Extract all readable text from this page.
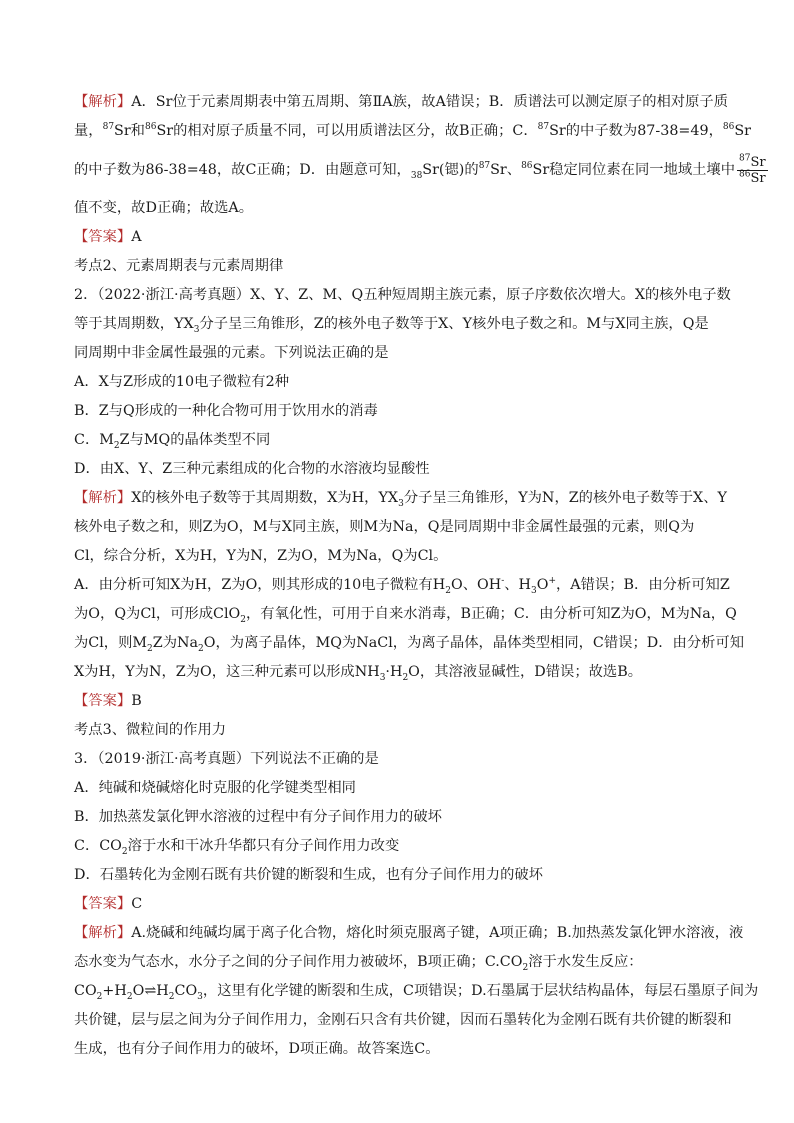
【解析】A．Sr位于元素周期表中第五周期、第ⅡA族，故A错误；B．质谱法可以测定原子的相对原子质
量，$^{87}$Sr和$^{86}$Sr的相对原子质量不同，可以用质谱法区分，故B正确；C．$^{87}$Sr的中子数为87-38=49，$^{86}$Sr
的中子数为86-38=48，故C正确；D．由题意可知，$_{38}$Sr(锶)的$^{87}$Sr、$^{86}$Sr稳定同位素在同一地域土壤中 $\frac{^{87}Sr}{^{86}Sr}$
值不变，故D正确；故选A。
【答案】A
考点2、元素周期表与元素周期律
2．（2022·浙江·高考真题）X、Y、Z、M、Q五种短周期主族元素，原子序数依次增大。X的核外电子数
等于其周期数，$YX_3$分子呈三角锥形，Z的核外电子数等于X、Y核外电子数之和。M与X同主族，Q是
同周期中非金属性最强的元素。下列说法正确的是
A．X与Z形成的10电子微粒有2种
B．Z与Q形成的一种化合物可用于饮用水的消毒
C．$M_2Z$与MQ的晶体类型不同
D．由X、Y、Z三种元素组成的化合物的水溶液均显酸性
【解析】X的核外电子数等于其周期数，X为H，$YX_3$分子呈三角锥形，Y为N，Z的核外电子数等于X、Y
核外电子数之和，则Z为O，M与X同主族，则M为Na，Q是同周期中非金属性最强的元素，则Q为
Cl，综合分析，X为H，Y为N，Z为O，M为Na，Q为Cl。
A．由分析可知X为H，Z为O，则其形成的10电子微粒有$H_2O$、OH-、$H_3O^+$，A错误；B．由分析可知Z
为O，Q为Cl，可形成ClO$_2$，有氧化性，可用于自来水消毒，B正确；C．由分析可知Z为O，M为Na，Q
为Cl，则$M_2Z$为$Na_2O$，为离子晶体，MQ为NaCl，为离子晶体，晶体类型相同，C错误；D．由分析可知
X为H，Y为N，Z为O，这三种元素可以形成$NH_3\cdot H_2O$，其溶液显碱性，D错误；故选B。
【答案】B
考点3、微粒间的作用力
3．（2019·浙江·高考真题）下列说法不正确的是
A．纯碱和烧碱熔化时克服的化学键类型相同
B．加热蒸发氯化钾水溶液的过程中有分子间作用力的破坏
C．$CO_2$溶于水和干冰升华都只有分子间作用力改变
D．石墨转化为金刚石既有共价键的断裂和生成，也有分子间作用力的破坏
【答案】C
【解析】A.烧碱和纯碱均属于离子化合物，熔化时须克服离子键，A项正确；B.加热蒸发氯化钾水溶液，液
态水变为气态水，水分子之间的分子间作用力被破坏，B项正确；$C.CO_2$溶于水发生反应：
$CO_2+H_2O\rightleftharpoons H_2CO_3$，这里有化学键的断裂和生成，C项错误；D.石墨属于层状结构晶体，每层石墨原子间为
共价键，层与层之间为分子间作用力，金刚石只含有共价键，因而石墨转化为金刚石既有共价键的断裂和
生成，也有分子间作用力的破坏，D项正确。故答案选C。
